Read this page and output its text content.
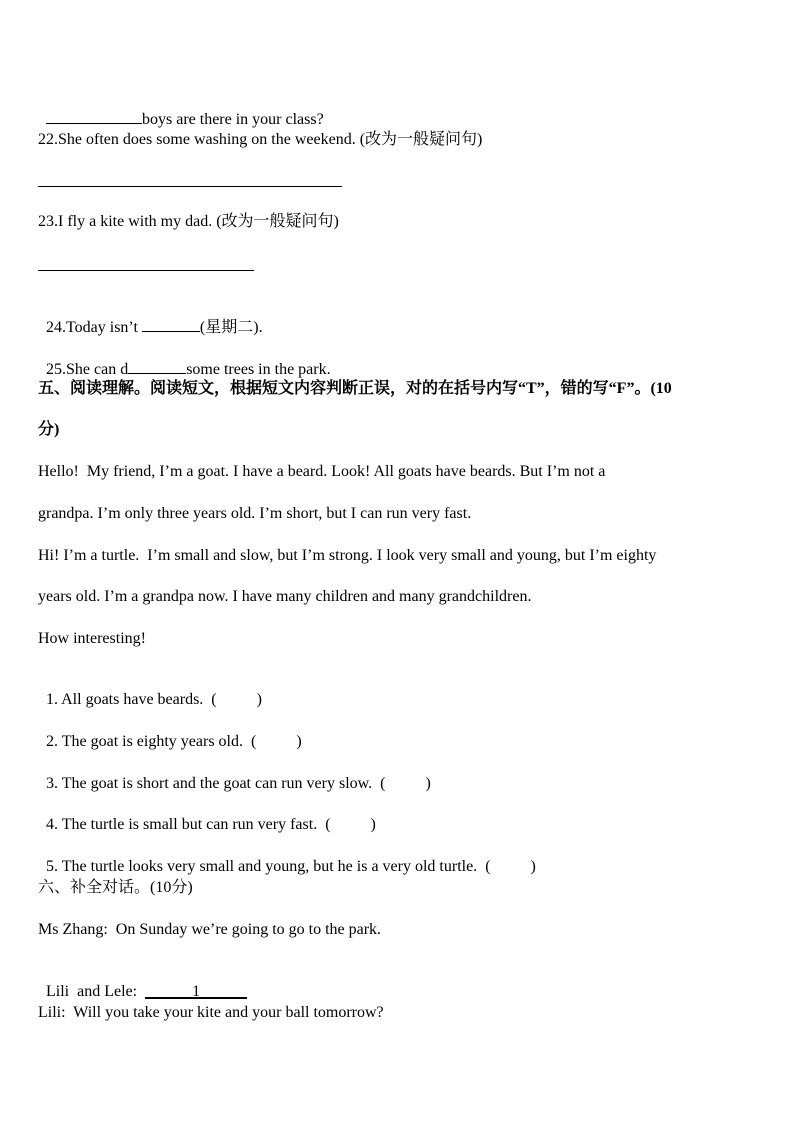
boys are there in your class?

22.She often does some washing on the weekend. (改为一般疑问句)
23.I fly a kite with my dad. (改为一般疑问句)

24.Today isn’t	(星期二).

25.She can d	some trees in the park.

五、阅读理解。阅读短文，根据短文内容判断正误，对的在括号内写“T”，错的写“F”。(10
分)
Hello!  My friend, I’m a goat. I have a beard. Look! All goats have beards. But I’m not a
grandpa. I’m only three years old. I’m short, but I can run very fast.
Hi! I’m a turtle.  I’m small and slow, but I’m strong. I look very small and young, but I’m eighty
years old. I’m a grandpa now. I have many children and many grandchildren.
How interesting!

1. All goats have beards. (          )

2. The goat is eighty years old. (          )

3. The goat is short and the goat can run very slow. (          )

4. The turtle is small but can run very fast. (          )

5. The turtle looks very small and young, but he is a very old turtle. (          )

六、补全对话。(10分)
Ms Zhang:  On Sunday we’re going to go to the park.

Lili  and Lele:	1

Lili:  Will you take your kite and your ball tomorrow?
